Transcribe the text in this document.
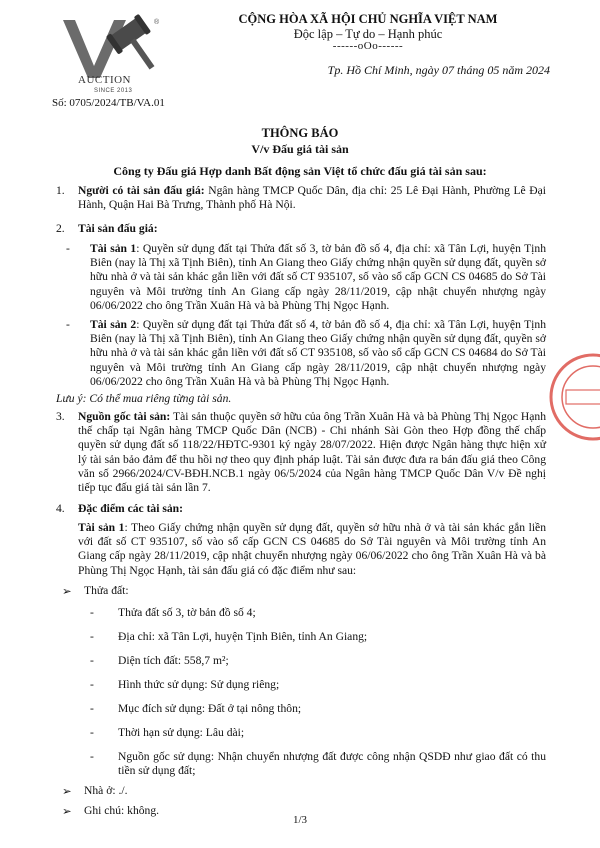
®
AUCTION
SINCE 2013
Số: 0705/2024/TB/VA.01
CỘNG HÒA XÃ HỘI CHỦ NGHĨA VIỆT NAM
Độc lập – Tự do – Hạnh phúc
------oOo------
Tp. Hồ Chí Minh, ngày 07 tháng 05 năm 2024
THÔNG BÁO
V/v Đấu giá tài sản
Công ty Đấu giá Hợp danh Bất động sản Việt tổ chức đấu giá tài sản sau:
1. Người có tài sản đấu giá: Ngân hàng TMCP Quốc Dân, địa chỉ: 25 Lê Đại Hành, Phường Lê Đại Hành, Quận Hai Bà Trưng, Thành phố Hà Nội.
2. Tài sản đấu giá:
- Tài sản 1: Quyền sử dụng đất tại Thửa đất số 3, tờ bản đồ số 4, địa chỉ: xã Tân Lợi, huyện Tịnh Biên (nay là Thị xã Tịnh Biên), tỉnh An Giang theo Giấy chứng nhận quyền sử dụng đất, quyền sở hữu nhà ở và tài sản khác gắn liền với đất số CT 935107, số vào sổ cấp GCN CS 04685 do Sở Tài nguyên và Môi trường tỉnh An Giang cấp ngày 28/11/2019, cập nhật chuyển nhượng ngày 06/06/2022 cho ông Trần Xuân Hà và bà Phùng Thị Ngọc Hạnh.
- Tài sản 2: Quyền sử dụng đất tại Thửa đất số 4, tờ bản đồ số 4, địa chỉ: xã Tân Lợi, huyện Tịnh Biên (nay là Thị xã Tịnh Biên), tỉnh An Giang theo Giấy chứng nhận quyền sử dụng đất, quyền sở hữu nhà ở và tài sản khác gắn liền với đất số CT 935108, số vào sổ cấp GCN CS 04684 do Sở Tài nguyên và Môi trường tỉnh An Giang cấp ngày 28/11/2019, cập nhật chuyển nhượng ngày 06/06/2022 cho ông Trần Xuân Hà và bà Phùng Thị Ngọc Hạnh.
Lưu ý: Có thể mua riêng từng tài sản.
3. Nguồn gốc tài sản: Tài sản thuộc quyền sở hữu của ông Trần Xuân Hà và bà Phùng Thị Ngọc Hạnh thế chấp tại Ngân hàng TMCP Quốc Dân (NCB) - Chi nhánh Sài Gòn theo Hợp đồng thế chấp quyền sử dụng đất số 118/22/HĐTC-9301 ký ngày 28/07/2022. Hiện được Ngân hàng thực hiện xử lý tài sản bảo đảm để thu hồi nợ theo quy định pháp luật. Tài sản được đưa ra bán đấu giá theo Công văn số 2966/2024/CV-BĐH.NCB.1 ngày 06/5/2024 của Ngân hàng TMCP Quốc Dân V/v Đề nghị tiếp tục đấu giá tài sản lần 7.
4. Đặc điểm các tài sản:
Tài sản 1: Theo Giấy chứng nhận quyền sử dụng đất, quyền sở hữu nhà ở và tài sản khác gắn liền với đất số CT 935107, số vào sổ cấp GCN CS 04685 do Sở Tài nguyên và Môi trường tỉnh An Giang cấp ngày 28/11/2019, cập nhật chuyển nhượng ngày 06/06/2022 cho ông Trần Xuân Hà và bà Phùng Thị Ngọc Hạnh, tài sản đấu giá có đặc điểm như sau:
➢ Thửa đất:
- Thửa đất số 3, tờ bản đồ số 4;
- Địa chỉ: xã Tân Lợi, huyện Tịnh Biên, tỉnh An Giang;
- Diện tích đất: 558,7 m²;
- Hình thức sử dụng: Sử dụng riêng;
- Mục đích sử dụng: Đất ở tại nông thôn;
- Thời hạn sử dụng: Lâu dài;
- Nguồn gốc sử dụng: Nhận chuyển nhượng đất được công nhận QSDĐ như giao đất có thu tiền sử dụng đất;
➢ Nhà ở: ./.
➢ Ghi chú: không.
1/3
